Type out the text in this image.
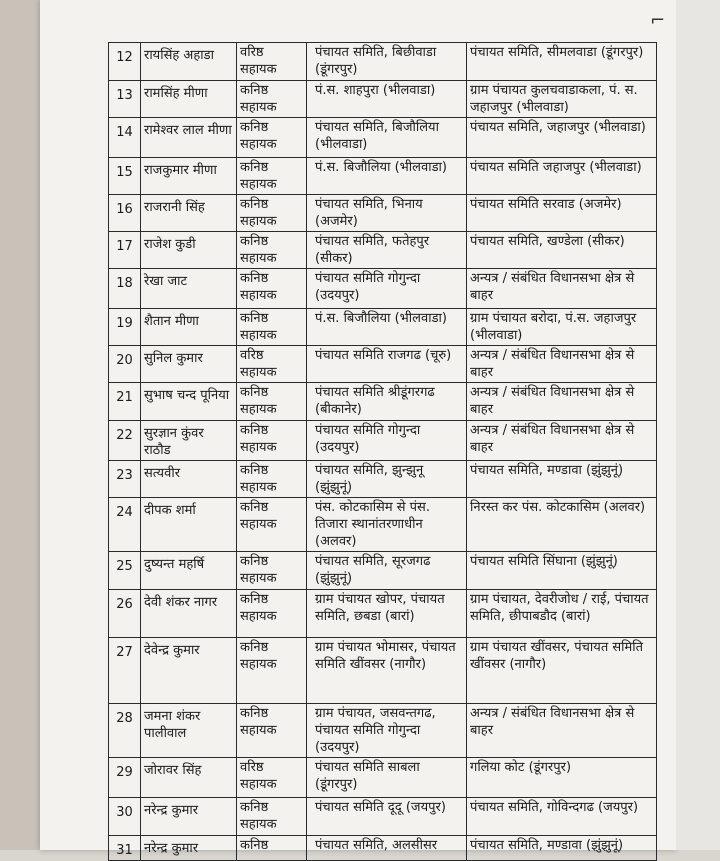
⌐
12	रायसिंह अहाडा	वरिष्ठ सहायक	पंचायत समिति, बिछीवाडा (डूंगरपुर)	पंचायत समिति, सीमलवाडा (डूंगरपुर)
13	रामसिंह मीणा	कनिष्ठ सहायक	पं.स. शाहपुरा (भीलवाडा)	ग्राम पंचायत कुलचवाडाकला, पं. स. जहाजपुर (भीलवाडा)
14	रामेश्वर लाल मीणा	कनिष्ठ सहायक	पंचायत समिति, बिजौलिया (भीलवाडा)	पंचायत समिति, जहाजपुर (भीलवाडा)
15	राजकुमार मीणा	कनिष्ठ सहायक	पं.स. बिजौलिया (भीलवाडा)	पंचायत समिति जहाजपुर (भीलवाडा)
16	राजरानी सिंह	कनिष्ठ सहायक	पंचायत समिति, भिनाय (अजमेर)	पंचायत समिति सरवाड (अजमेर)
17	राजेश कुडी	कनिष्ठ सहायक	पंचायत समिति, फतेहपुर (सीकर)	पंचायत समिति, खण्डेला (सीकर)
18	रेखा जाट	कनिष्ठ सहायक	पंचायत समिति गोगुन्दा (उदयपुर)	अन्यत्र / संबंधित विधानसभा क्षेत्र से बाहर
19	शैतान मीणा	कनिष्ठ सहायक	पं.स. बिजौलिया (भीलवाडा)	ग्राम पंचायत बरोदा, पं.स. जहाजपुर (भीलवाडा)
20	सुनिल कुमार	वरिष्ठ सहायक	पंचायत समिति राजगढ (चूरु)	अन्यत्र / संबंधित विधानसभा क्षेत्र से बाहर
21	सुभाष चन्द पूनिया	कनिष्ठ सहायक	पंचायत समिति श्रीडूंगरगढ (बीकानेर)	अन्यत्र / संबंधित विधानसभा क्षेत्र से बाहर
22	सुरज्ञान कुंवर राठौड	कनिष्ठ सहायक	पंचायत समिति गोगुन्दा (उदयपुर)	अन्यत्र / संबंधित विधानसभा क्षेत्र से बाहर
23	सत्यवीर	कनिष्ठ सहायक	पंचायत समिति, झुन्झुनू (झुंझुनूं)	पंचायत समिति, मण्डावा (झुंझुनूं)
24	दीपक शर्मा	कनिष्ठ सहायक	पंस. कोटकासिम से पंस. तिजारा स्थानांतरणाधीन (अलवर)	निरस्त कर पंस. कोटकासिम (अलवर)
25	दुष्यन्त महर्षि	कनिष्ठ सहायक	पंचायत समिति, सूरजगढ (झुंझुनूं)	पंचायत समिति सिंघाना (झुंझुनूं)
26	देवी शंकर नागर	कनिष्ठ सहायक	ग्राम पंचायत खोपर, पंचायत समिति, छबडा (बारां)	ग्राम पंचायत, देवरीजोध / राई, पंचायत समिति, छीपाबडौद (बारां)
27	देवेन्द्र कुमार	कनिष्ठ सहायक	ग्राम पंचायत भोमासर, पंचायत समिति खींवसर (नागौर)	ग्राम पंचायत खींवसर, पंचायत समिति खींवसर (नागौर)
28	जमना शंकर पालीवाल	कनिष्ठ सहायक	ग्राम पंचायत, जसवन्तगढ, पंचायत समिति गोगुन्दा (उदयपुर)	अन्यत्र / संबंधित विधानसभा क्षेत्र से बाहर
29	जोरावर सिंह	वरिष्ठ सहायक	पंचायत समिति साबला (डूंगरपुर)	गलिया कोट (डूंगरपुर)
30	नरेन्द्र कुमार	कनिष्ठ सहायक	पंचायत समिति दूदू (जयपुर)	पंचायत समिति, गोविन्दगढ (जयपुर)
31	नरेन्द्र कुमार	कनिष्ठ	पंचायत समिति, अलसीसर	पंचायत समिति, मण्डावा (झुंझुनूं)
